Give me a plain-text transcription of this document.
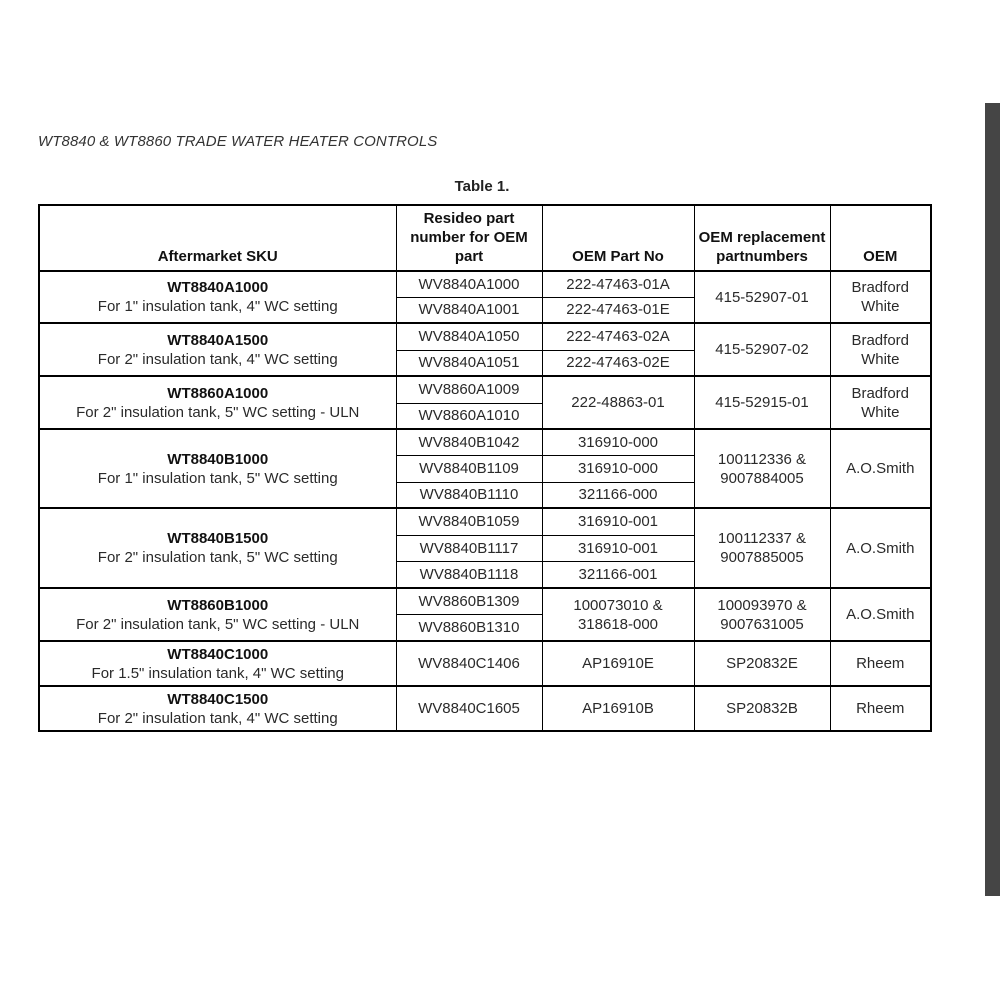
WT8840 & WT8860 TRADE WATER HEATER CONTROLS
Table 1.
Aftermarket SKU	Resideo part number for OEM part	OEM Part No	OEM replacement partnumbers	OEM

WT8840A1000
For 1" insulation tank, 4" WC setting	WV8840A1000	222-47463-01A	415-52907-01	Bradford White
	WV8840A1001	222-47463-01E		

WT8840A1500
For 2" insulation tank, 4" WC setting	WV8840A1050	222-47463-02A	415-52907-02	Bradford White
	WV8840A1051	222-47463-02E		

WT8860A1000
For 2" insulation tank, 5" WC setting - ULN	WV8860A1009	222-48863-01	415-52915-01	Bradford White
	WV8860A1010			

WT8840B1000
For 1" insulation tank, 5" WC setting	WV8840B1042	316910-000	100112336 & 9007884005	A.O.Smith
	WV8840B1109	316910-000		
	WV8840B1110	321166-000		

WT8840B1500
For 2" insulation tank, 5" WC setting	WV8840B1059	316910-001	100112337 & 9007885005	A.O.Smith
	WV8840B1117	316910-001		
	WV8840B1118	321166-001		

WT8860B1000
For 2" insulation tank, 5" WC setting - ULN	WV8860B1309	100073010 & 318618-000	100093970 & 9007631005	A.O.Smith
	WV8860B1310			

WT8840C1000
For 1.5" insulation tank, 4" WC setting	WV8840C1406	AP16910E	SP20832E	Rheem

WT8840C1500
For 2" insulation tank, 4" WC setting	WV8840C1605	AP16910B	SP20832B	Rheem
